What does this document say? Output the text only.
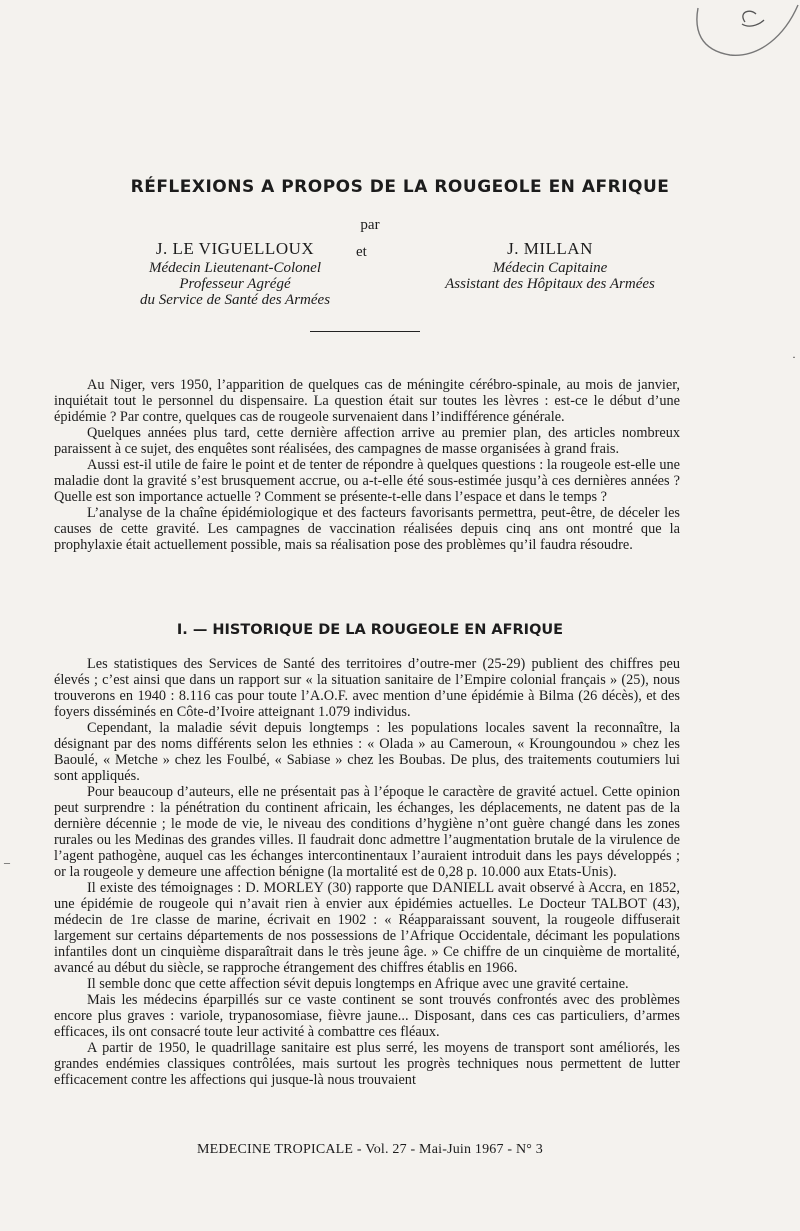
RÉFLEXIONS A PROPOS DE LA ROUGEOLE EN AFRIQUE
par
J. LE VIGUELLOUX
Médecin Lieutenant-Colonel
Professeur Agrégé
du Service de Santé des Armées
et	J. MILLAN
Médecin Capitaine
Assistant des Hôpitaux des Armées

Au Niger, vers 1950, l’apparition de quelques cas de méningite cérébro-spinale, au mois de janvier, inquiétait tout le personnel du dispensaire. La question était sur toutes les lèvres : est-ce le début d’une épidémie ? Par contre, quelques cas de rougeole survenaient dans l’indifférence générale.

Quelques années plus tard, cette dernière affection arrive au premier plan, des articles nombreux paraissent à ce sujet, des enquêtes sont réalisées, des campagnes de masse organisées à grand frais.

Aussi est-il utile de faire le point et de tenter de répondre à quelques questions : la rougeole est-elle une maladie dont la gravité s’est brusquement accrue, ou a-t-elle été sous-estimée jusqu’à ces dernières années ? Quelle est son importance actuelle ? Comment se présente-t-elle dans l’espace et dans le temps ?

L’analyse de la chaîne épidémiologique et des facteurs favorisants permettra, peut-être, de déceler les causes de cette gravité. Les campagnes de vaccination réalisées depuis cinq ans ont montré que la prophylaxie était actuellement possible, mais sa réalisation pose des problèmes qu’il faudra résoudre.

I. — HISTORIQUE DE LA ROUGEOLE EN AFRIQUE

Les statistiques des Services de Santé des territoires d’outre-mer (25-29) publient des chiffres peu élevés ; c’est ainsi que dans un rapport sur « la situation sanitaire de l’Empire colonial français » (25), nous trouverons en 1940 : 8.116 cas pour toute l’A.O.F. avec mention d’une épidémie à Bilma (26 décès), et des foyers disséminés en Côte-d’Ivoire atteignant 1.079 individus.

Cependant, la maladie sévit depuis longtemps : les populations locales savent la reconnaître, la désignant par des noms différents selon les ethnies : « Olada » au Cameroun, « Kroungoundou » chez les Baoulé, « Metche » chez les Foulbé, « Sabiase » chez les Boubas. De plus, des traitements coutumiers lui sont appliqués.

Pour beaucoup d’auteurs, elle ne présentait pas à l’époque le caractère de gravité actuel. Cette opinion peut surprendre : la pénétration du continent africain, les échanges, les déplacements, ne datent pas de la dernière décennie ; le mode de vie, le niveau des conditions d’hygiène n’ont guère changé dans les zones rurales ou les Medinas des grandes villes. Il faudrait donc admettre l’augmentation brutale de la virulence de l’agent pathogène, auquel cas les échanges intercontinentaux l’auraient introduit dans les pays développés ; or la rougeole y demeure une affection bénigne (la mortalité est de 0,28 p. 10.000 aux Etats-Unis).

Il existe des témoignages : D. MORLEY (30) rapporte que DANIELL avait observé à Accra, en 1852, une épidémie de rougeole qui n’avait rien à envier aux épidémies actuelles. Le Docteur TALBOT (43), médecin de 1re classe de marine, écrivait en 1902 : « Réapparaissant souvent, la rougeole diffuserait largement sur certains départements de nos possessions de l’Afrique Occidentale, décimant les populations infantiles dont un cinquième disparaîtrait dans le très jeune âge. » Ce chiffre de un cinquième de mortalité, avancé au début du siècle, se rapproche étrangement des chiffres établis en 1966.

Il semble donc que cette affection sévit depuis longtemps en Afrique avec une gravité certaine.

Mais les médecins éparpillés sur ce vaste continent se sont trouvés confrontés avec des problèmes encore plus graves : variole, trypanosomiase, fièvre jaune... Disposant, dans ces cas particuliers, d’armes efficaces, ils ont consacré toute leur activité à combattre ces fléaux.

A partir de 1950, le quadrillage sanitaire est plus serré, les moyens de transport sont améliorés, les grandes endémies classiques contrôlées, mais surtout les progrès techniques nous permettent de lutter efficacement contre les affections qui jusque-là nous trouvaient

MEDECINE TROPICALE - Vol. 27 - Mai-Juin 1967 - N° 3
·
–
